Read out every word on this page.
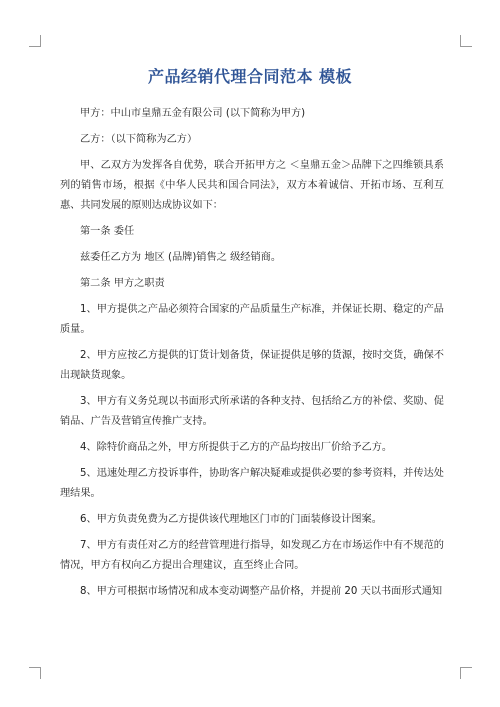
产品经销代理合同范本 模板

甲方：中山市皇鼎五金有限公司 (以下简称为甲方)

乙方：（以下简称为乙方）

甲、乙双方为发挥各自优势，联合开拓甲方之 ＜皇鼎五金＞品牌下之四维锁具系列的销售市场，根据《中华人民共和国合同法》，双方本着诚信、开拓市场、互利互惠、共同发展的原则达成协议如下：

第一条 委任

兹委任乙方为 地区 (品牌)销售之 级经销商。

第二条 甲方之职责

1、甲方提供之产品必须符合国家的产品质量生产标准，并保证长期、稳定的产品质量。

2、甲方应按乙方提供的订货计划备货，保证提供足够的货源，按时交货，确保不出现缺货现象。

3、甲方有义务兑现以书面形式所承诺的各种支持、包括给乙方的补偿、奖励、促销品、广告及营销宣传推广支持。

4、除特价商品之外，甲方所提供于乙方的产品均按出厂价给予乙方。

5、迅速处理乙方投诉事件，协助客户解决疑难或提供必要的参考资料，并传达处理结果。

6、甲方负责免费为乙方提供该代理地区门市的门面装修设计图案。

7、甲方有责任对乙方的经营管理进行指导，如发现乙方在市场运作中有不规范的情况，甲方有权向乙方提出合理建议，直至终止合同。

8、甲方可根据市场情况和成本变动调整产品价格，并提前 20 天以书面形式通知
